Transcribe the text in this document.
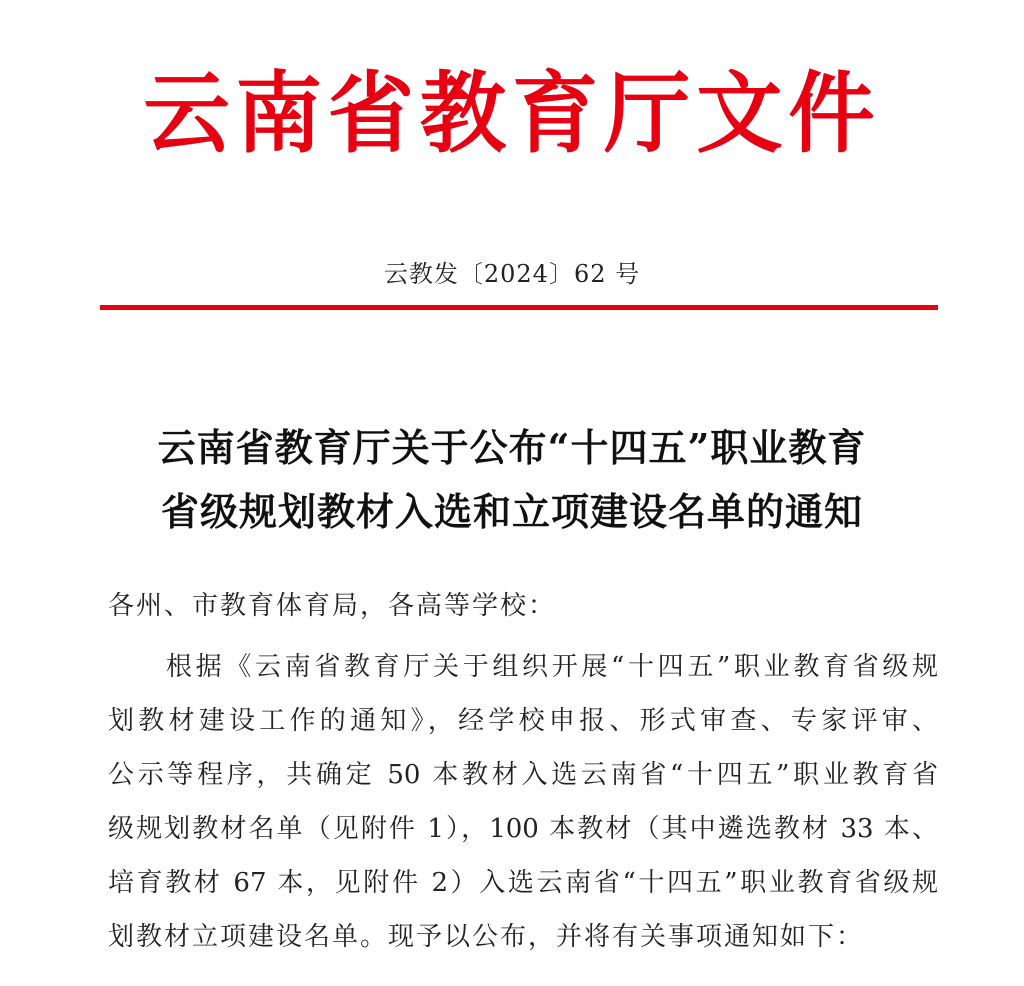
云南省教育厅文件
云教发〔2024〕62 号
云南省教育厅关于公布“十四五”职业教育
省级规划教材入选和立项建设名单的通知
各州、市教育体育局，各高等学校：
根据《云南省教育厅关于组织开展“十四五”职业教育省级规
划教材建设工作的通知》，经学校申报、形式审查、专家评审、
公示等程序，共确定 50 本教材入选云南省“十四五”职业教育省
级规划教材名单（见附件 1），100 本教材（其中遴选教材 33 本、
培育教材 67 本，见附件 2）入选云南省“十四五”职业教育省级规
划教材立项建设名单。现予以公布，并将有关事项通知如下：
